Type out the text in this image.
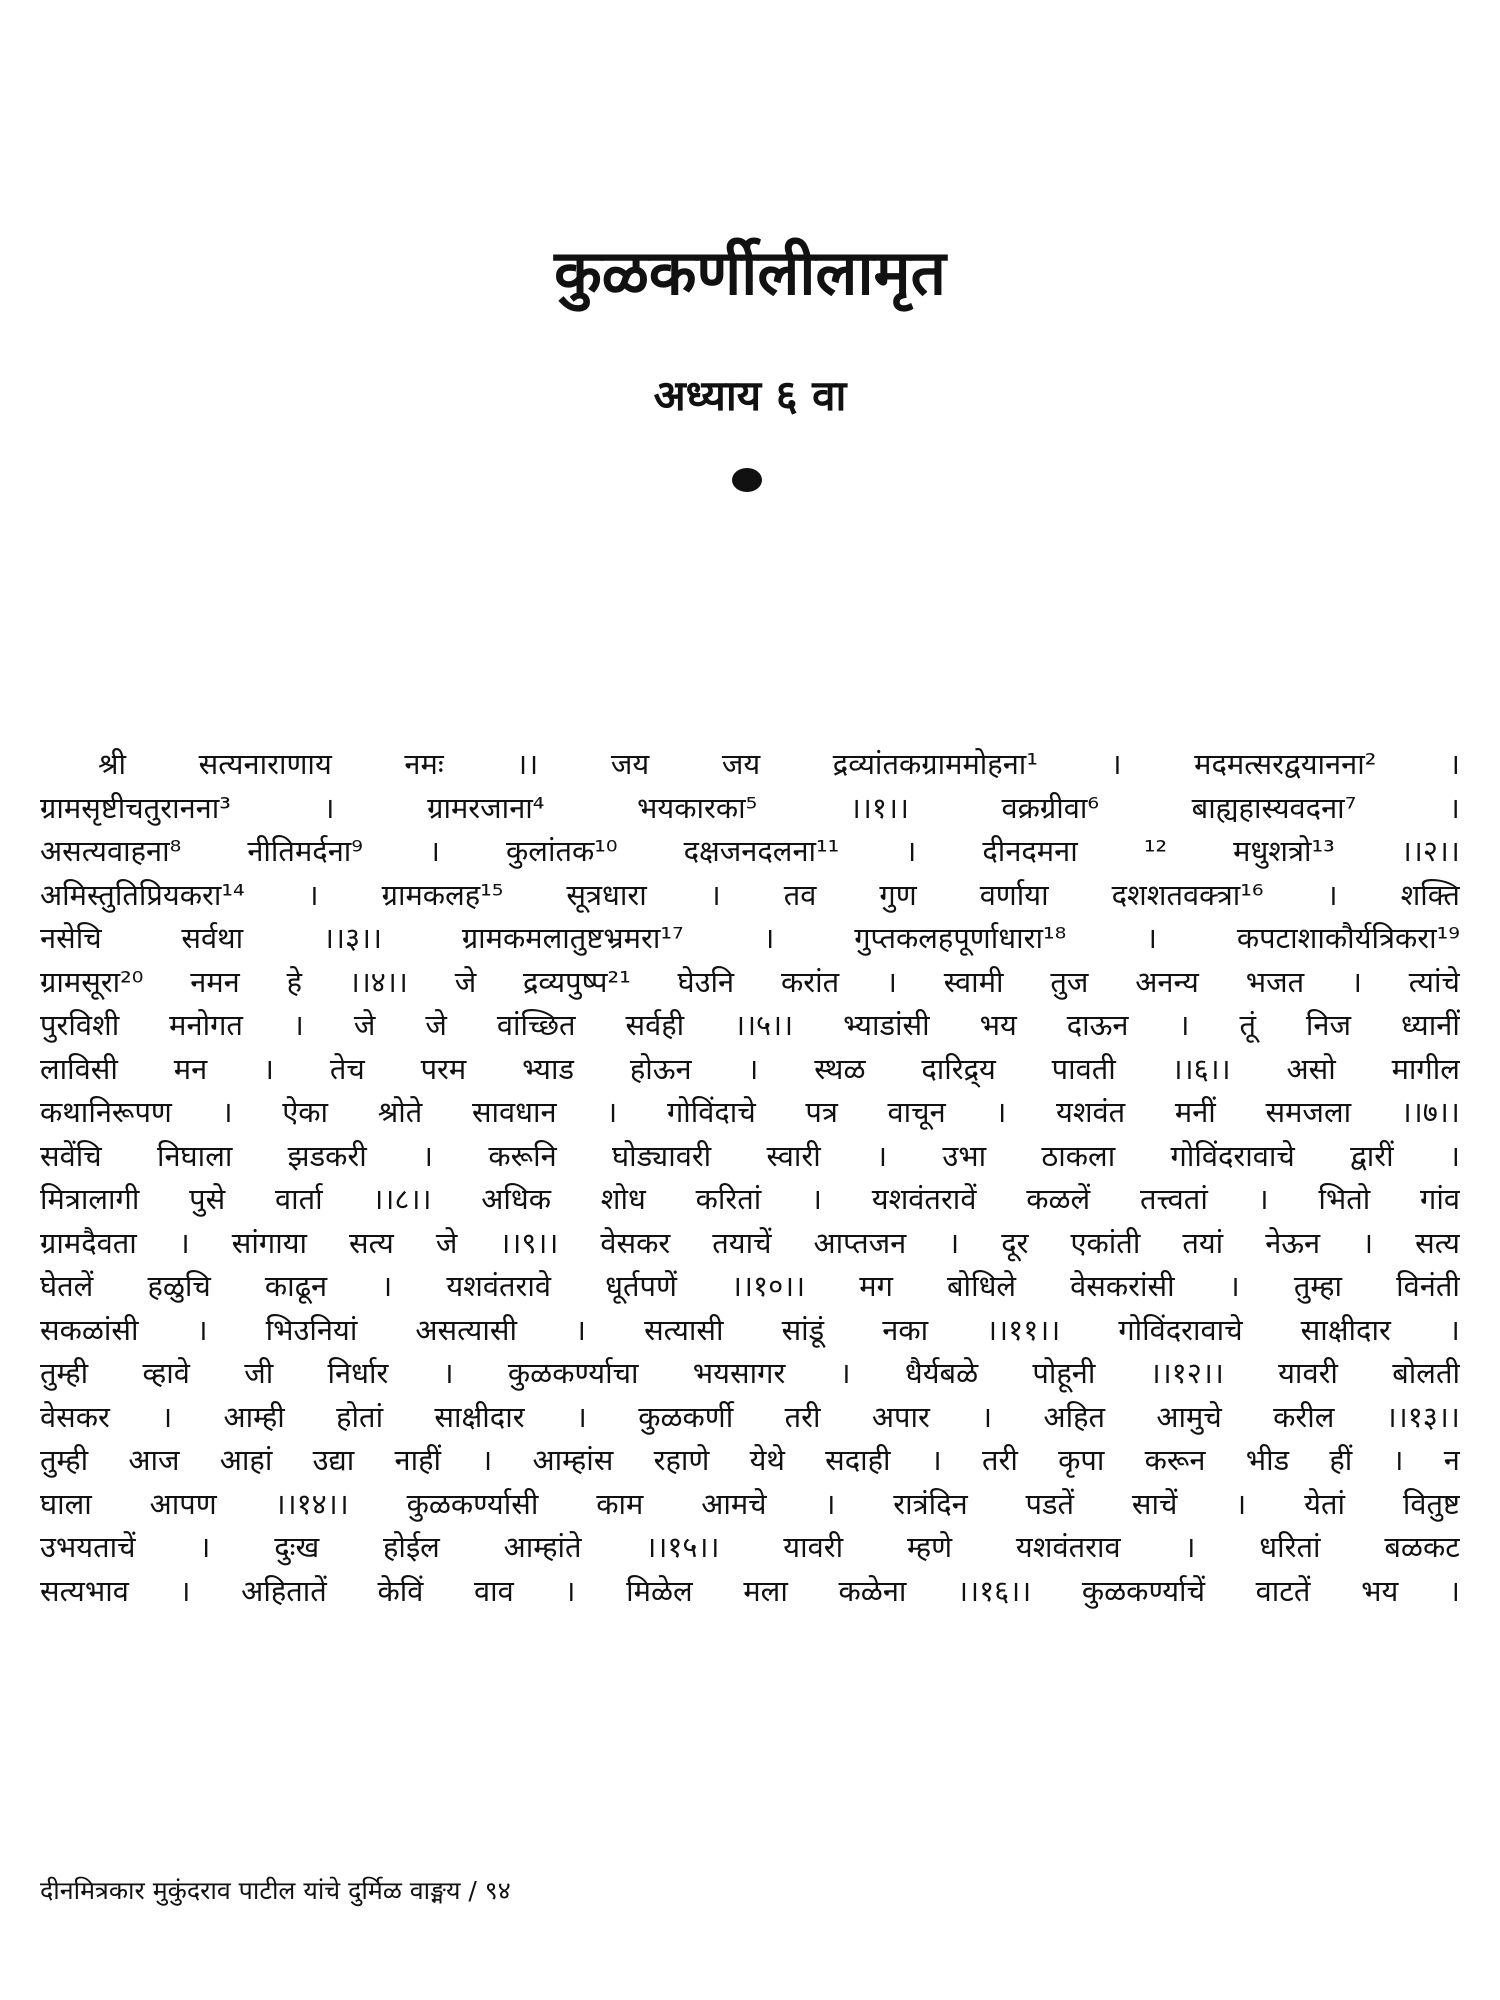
कुळकर्णीलीलामृत
अध्याय ६ वा
श्री	सत्यनाराणाय	नमः	।।	जय	जय	द्रव्यांतकग्राममोहना¹	।	मदमत्सरद्वयानना²	।
ग्रामसृष्टीचतुरानना³	।	ग्रामरजाना⁴	भयकारका⁵	।।१।।	वक्रग्रीवा⁶	बाह्यहास्यवदना⁷	।
असत्यवाहना⁸ नीतिमर्दना⁹ । कुलांतक¹⁰ दक्षजनदलना¹¹ । दीनदमना ¹² मधुशत्रो¹³ ।।२।।
अमिस्तुतिप्रियकरा¹⁴ । ग्रामकलह¹⁵ सूत्रधारा । तव गुण वर्णाया दशशतवक्त्रा¹⁶ । शक्ति
नसेचि	सर्वथा	।।३।।	ग्रामकमलातुष्टभ्रमरा¹⁷	।	गुप्तकलहपूर्णाधारा¹⁸	।	कपटाशाकौर्यत्रिकरा¹⁹
ग्रामसूरा²⁰ नमन हे ।।४।। जे द्रव्यपुष्प²¹ घेउनि करांत । स्वामी तुज अनन्य भजत । त्यांचे
पुरविशी मनोगत । जे जे वांच्छित सर्वही ।।५।। भ्याडांसी भय दाऊन । तूं निज ध्यानीं
लाविसी मन । तेच परम भ्याड होऊन । स्थळ दारिद्र्य पावती ।।६।। असो मागील
कथानिरूपण । ऐका श्रोते सावधान । गोविंदाचे पत्र वाचून । यशवंत मनीं समजला ।।७।।
सवेंचि निघाला झडकरी । करूनि घोड्यावरी स्वारी । उभा ठाकला गोविंदरावाचे द्वारीं ।
मित्रालागी पुसे वार्ता ।।८।। अधिक शोध करितां । यशवंतरावें कळलें तत्त्वतां । भितो गांव
ग्रामदैवता । सांगाया सत्य जे ।।९।। वेसकर तयाचें आप्तजन । दूर एकांती तयां नेऊन । सत्य
घेतलें हळुचि काढून । यशवंतरावे धूर्तपणें ।।१०।। मग बोधिले वेसकरांसी । तुम्हा विनंती
सकळांसी । भिउनियां असत्यासी । सत्यासी सांडूं नका ।।११।। गोविंदरावाचे साक्षीदार ।
तुम्ही व्हावे जी निर्धार । कुळकर्ण्याचा भयसागर । धैर्यबळे पोहूनी ।।१२।। यावरी बोलती
वेसकर । आम्ही होतां साक्षीदार । कुळकर्णी तरी अपार । अहित आमुचे करील ।।१३।।
तुम्ही आज आहां उद्या नाहीं । आम्हांस रहाणे येथे सदाही । तरी कृपा करून भीड हीं । न
घाला आपण ।।१४।। कुळकर्ण्यासी काम आमचे । रात्रंदिन पडतें साचें । येतां वितुष्ट
उभयताचें । दुःख होईल आम्हांते ।।१५।। यावरी म्हणे यशवंतराव । धरितां बळकट
सत्यभाव । अहितातें केविं वाव । मिळेल मला कळेना ।।१६।। कुळकर्ण्याचें वाटतें भय ।
दीनमित्रकार मुकुंदराव पाटील यांचे दुर्मिळ वाङ्मय / ९४
